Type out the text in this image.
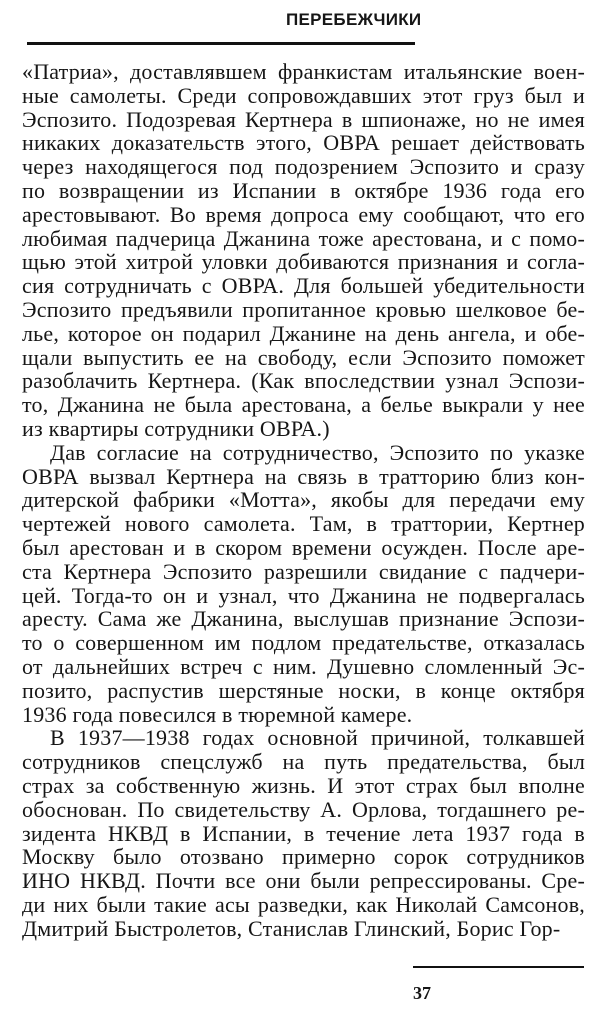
ПЕРЕБЕЖЧИКИ
«Патриа», доставлявшем франкистам итальянские воен-
ные самолеты. Среди сопровождавших этот груз был и
Эспозито. Подозревая Кертнера в шпионаже, но не имея
никаких доказательств этого, ОВРА решает действовать
через находящегося под подозрением Эспозито и сразу
по возвращении из Испании в октябре 1936 года его
арестовывают. Во время допроса ему сообщают, что его
любимая падчерица Джанина тоже арестована, и с помо-
щью этой хитрой уловки добиваются признания и согла-
сия сотрудничать с ОВРА. Для большей убедительности
Эспозито предъявили пропитанное кровью шелковое бе-
лье, которое он подарил Джанине на день ангела, и обе-
щали выпустить ее на свободу, если Эспозито поможет
разоблачить Кертнера. (Как впоследствии узнал Эспози-
то, Джанина не была арестована, а белье выкрали у нее
из квартиры сотрудники ОВРА.)
Дав согласие на сотрудничество, Эспозито по указке
ОВРА вызвал Кертнера на связь в тратторию близ кон-
дитерской фабрики «Мотта», якобы для передачи ему
чертежей нового самолета. Там, в траттории, Кертнер
был арестован и в скором времени осужден. После аре-
ста Кертнера Эспозито разрешили свидание с падчери-
цей. Тогда-то он и узнал, что Джанина не подвергалась
аресту. Сама же Джанина, выслушав признание Эспози-
то о совершенном им подлом предательстве, отказалась
от дальнейших встреч с ним. Душевно сломленный Эс-
позито, распустив шерстяные носки, в конце октября
1936 года повесился в тюремной камере.
В 1937—1938 годах основной причиной, толкавшей
сотрудников спецслужб на путь предательства, был
страх за собственную жизнь. И этот страх был вполне
обоснован. По свидетельству А. Орлова, тогдашнего ре-
зидента НКВД в Испании, в течение лета 1937 года в
Москву было отозвано примерно сорок сотрудников
ИНО НКВД. Почти все они были репрессированы. Сре-
ди них были такие асы разведки, как Николай Самсонов,
Дмитрий Быстролетов, Станислав Глинский, Борис Гор-
37
